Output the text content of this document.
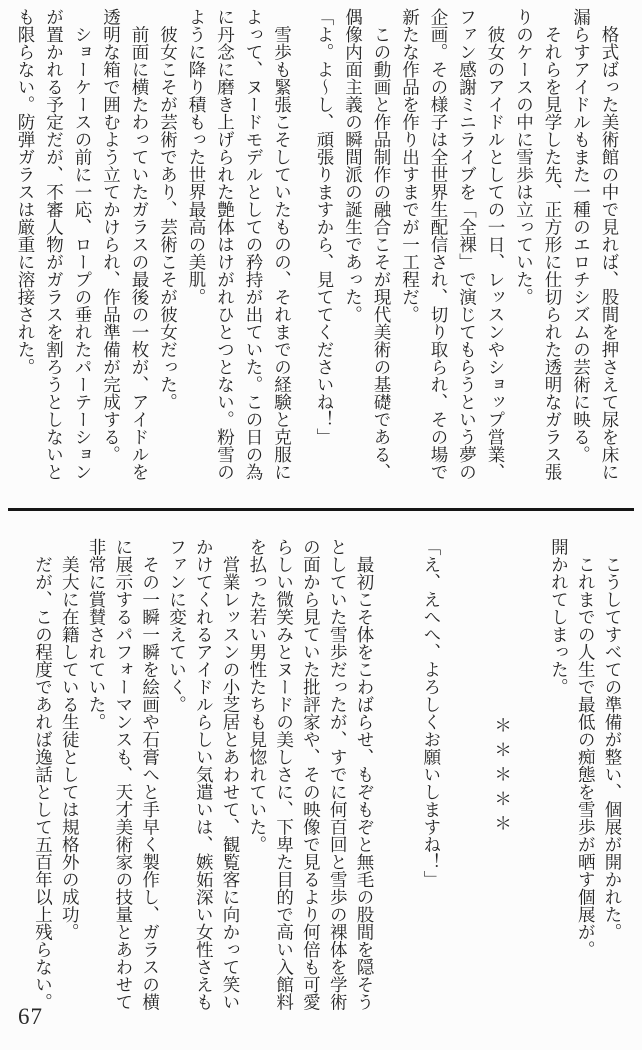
　格式ばった美術館の中で見れば、股間を押さえて尿を床に
漏らすアイドルもまた一種のエロチシズムの芸術に映る。
　それらを見学した先、正方形に仕切られた透明なガラス張
りのケースの中に雪歩は立っていた。
　彼女のアイドルとしての一日、レッスンやショップ営業、
ファン感謝ミニライブを「全裸」で演じてもらうという夢の
企画。その様子は全世界生配信され、切り取られ、その場で
新たな作品を作り出すまでが一工程だ。
　この動画と作品制作の融合こそが現代美術の基礎である、
偶像内面主義の瞬間派の誕生であった。
「よ。よ〜し、頑張りますから、見ててくださいね！」
　雪歩も緊張こそしていたものの、それまでの経験と克服に
よって、ヌードモデルとしての矜持が出ていた。この日の為
に丹念に磨き上げられた艶体はけがれひとつとない。粉雪の
ように降り積もった世界最高の美肌。
　彼女こそが芸術であり、芸術こそが彼女だった。
　前面に横たわっていたガラスの最後の一枚が、アイドルを
透明な箱で囲むよう立てかけられ、作品準備が完成する。
　ショーケースの前に一応、ロープの垂れたパーテーション
が置かれる予定だが、不審人物がガラスを割ろうとしないと
も限らない。防弾ガラスは厳重に溶接された。
　こうしてすべての準備が整い、個展が開かれた。
　これまでの人生で最低の痴態を雪歩が晒す個展が。
開かれてしまった。
＊＊＊＊＊
「え、えへへ、よろしくお願いしますね！」
　最初こそ体をこわばらせ、もぞもぞと無毛の股間を隠そう
としていた雪歩だったが、すでに何百回と雪歩の裸体を学術
の面から見ていた批評家や、その映像で見るより何倍も可愛
らしい微笑みとヌードの美しさに、下卑た目的で高い入館料
を払った若い男性たちも見惚れていた。
　営業レッスンの小芝居とあわせて、観覧客に向かって笑い
かけてくれるアイドルらしい気遣いは、嫉妬深い女性さえも
ファンに変えていく。
　その一瞬一瞬を絵画や石膏へと手早く製作し、ガラスの横
に展示するパフォーマンスも、天才美術家の技量とあわせて
非常に賞賛されていた。
　美大に在籍している生徒としては規格外の成功。
　だが、この程度であれば逸話として五百年以上残らない。
67
